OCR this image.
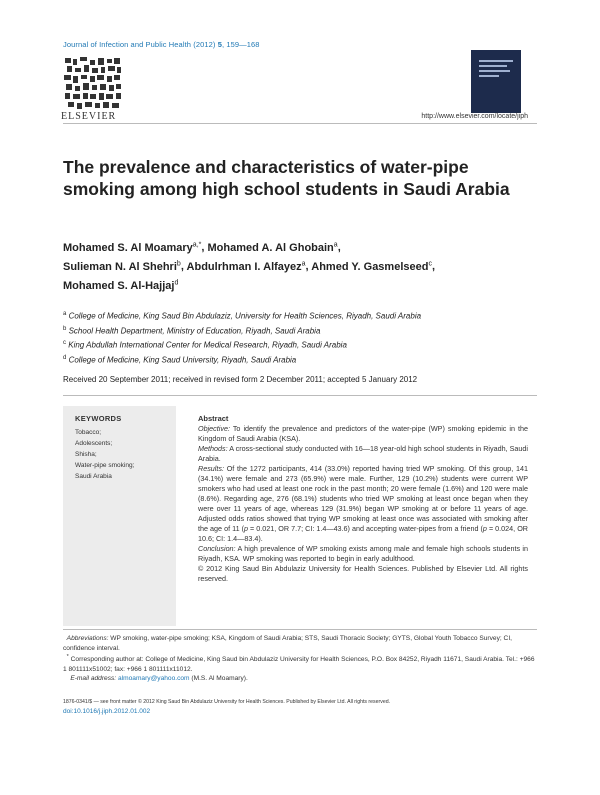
Journal of Infection and Public Health (2012) 5, 159—168
ELSEVIER	http://www.elsevier.com/locate/jiph
The prevalence and characteristics of water-pipe smoking among high school students in Saudi Arabia
Mohamed S. Al Moamary$^{a,*}$, Mohamed A. Al Ghobain$^a$,
Sulieman N. Al Shehri$^b$, Abdulrhman I. Alfayez$^a$, Ahmed Y. Gasmelseed$^c$,
Mohamed S. Al-Hajjaj$^d$
$^a$ College of Medicine, King Saud Bin Abdulaziz, University for Health Sciences, Riyadh, Saudi Arabia
$^b$ School Health Department, Ministry of Education, Riyadh, Saudi Arabia
$^c$ King Abdullah International Center for Medical Research, Riyadh, Saudi Arabia
$^d$ College of Medicine, King Saud University, Riyadh, Saudi Arabia
Received 20 September 2011; received in revised form 2 December 2011; accepted 5 January 2012
KEYWORDS
Tobacco;
Adolescents;
Shisha;
Water-pipe smoking;
Saudi Arabia
Abstract

Objective: To identify the prevalence and predictors of the water-pipe (WP) smoking epidemic in the Kingdom of Saudi Arabia (KSA).

Methods: A cross-sectional study conducted with 16—18 year-old high school students in Riyadh, Saudi Arabia.

Results: Of the 1272 participants, 414 (33.0%) reported having tried WP smoking. Of this group, 141 (34.1%) were female and 273 (65.9%) were male. Further, 129 (10.2%) students were current WP smokers who had used at least one rock in the past month; 20 were female (1.6%) and 120 were male (8.6%). Regarding age, 276 (68.1%) students who tried WP smoking at least once began when they were over 11 years of age, whereas 129 (31.9%) began WP smoking at or before 11 years of age. Adjusted odds ratios showed that trying WP smoking at least once was associated with smoking after the age of 11 (p = 0.021, OR 7.7; CI: 1.4—43.6) and accepting water-pipes from a friend (p = 0.024, OR 10.6; CI: 1.4—83.4).

Conclusion: A high prevalence of WP smoking exists among male and female high schools students in Riyadh, KSA. WP smoking was reported to begin in early adulthood.

© 2012 King Saud Bin Abdulaziz University for Health Sciences. Published by Elsevier Ltd. All rights reserved.

Abbreviations: WP smoking, water-pipe smoking; KSA, Kingdom of Saudi Arabia; STS, Saudi Thoracic Society; GYTS, Global Youth Tobacco Survey; CI, confidence interval.

* Corresponding author at: College of Medicine, King Saud bin Abdulaziz University for Health Sciences, P.O. Box 84252, Riyadh 11671, Saudi Arabia. Tel.: +966 1 801111x51002; fax: +966 1 801111x11012.

E-mail address: almoamary@yahoo.com (M.S. Al Moamary).

1876-0341/$ — see front matter © 2012 King Saud Bin Abdulaziz University for Health Sciences. Published by Elsevier Ltd. All rights reserved.
doi:10.1016/j.jiph.2012.01.002
